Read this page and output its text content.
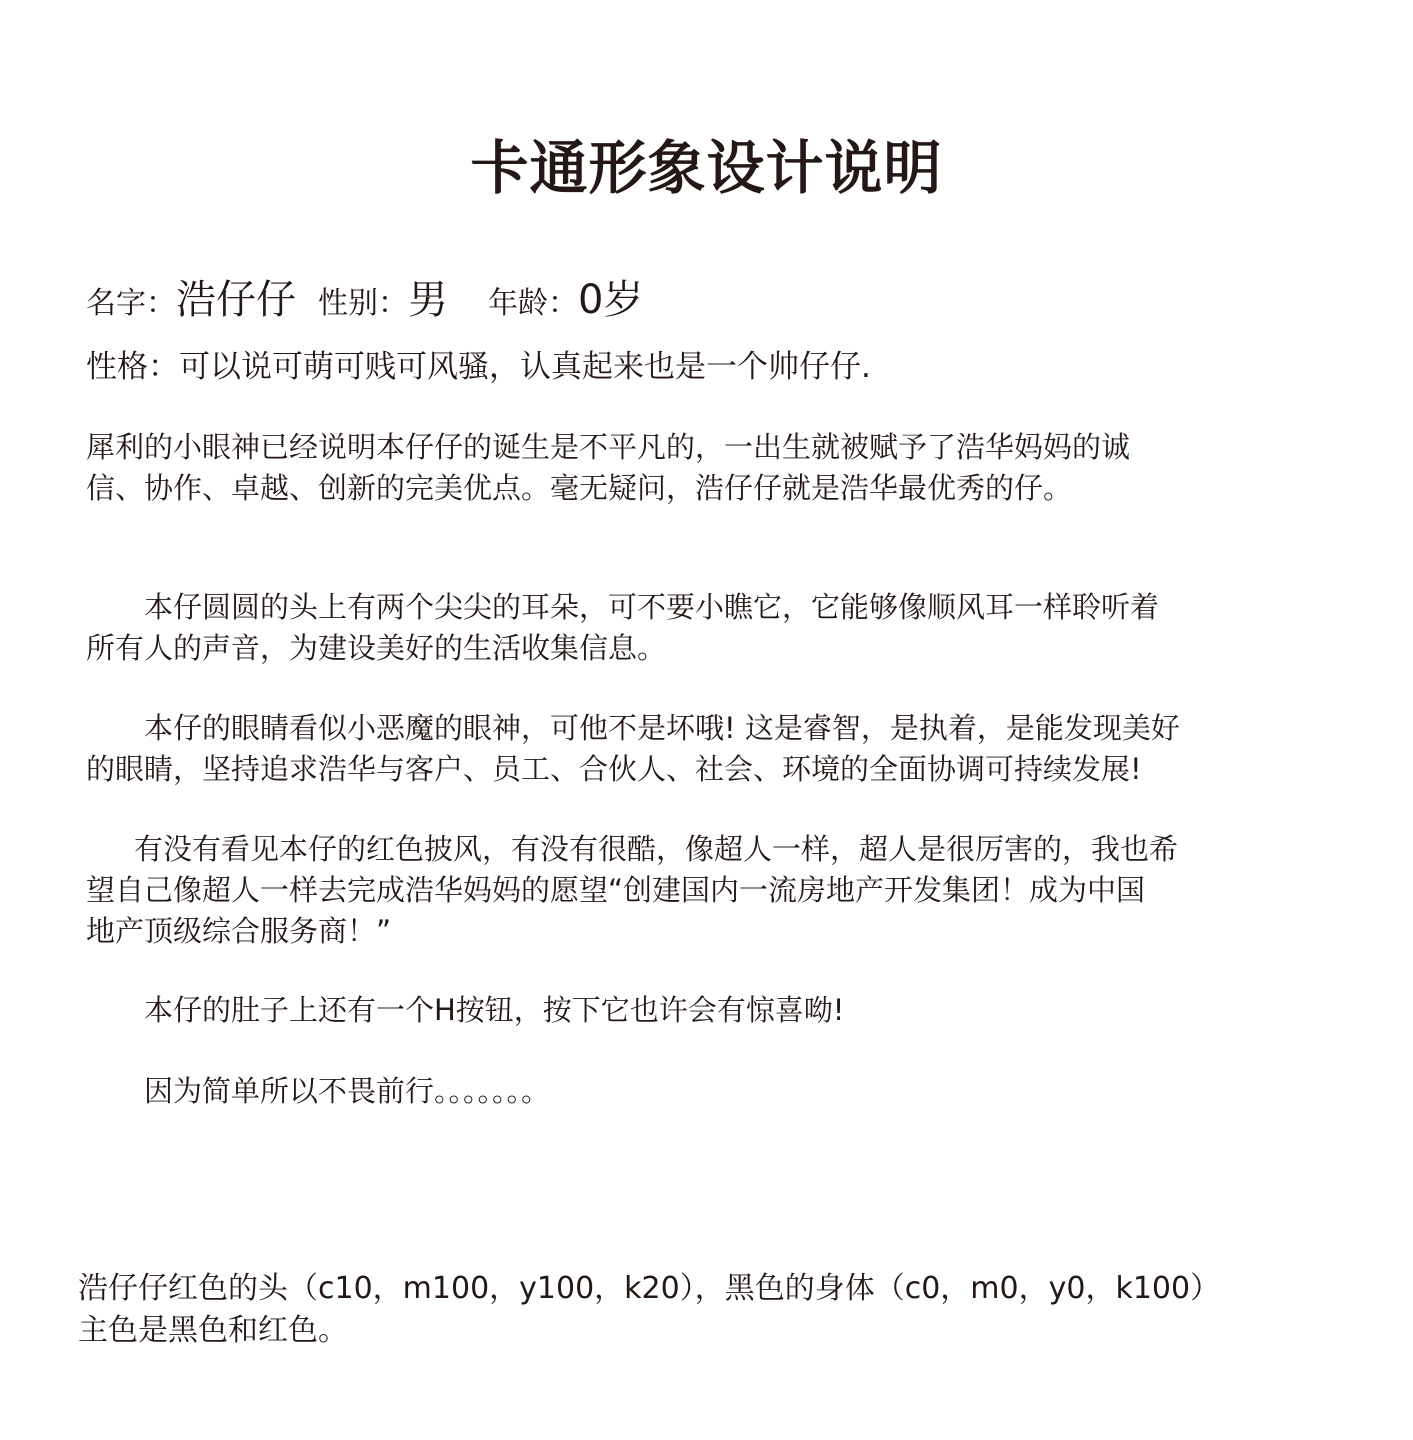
卡通形象设计说明
名字： 浩仔仔 性别： 男 年龄： 0岁
性格：可以说可萌可贱可风骚，认真起来也是一个帅仔仔.

犀利的小眼神已经说明本仔仔的诞生是不平凡的，一出生就被赋予了浩华妈妈的诚
信、协作、卓越、创新的完美优点。毫无疑问，浩仔仔就是浩华最优秀的仔。

本仔圆圆的头上有两个尖尖的耳朵，可不要小瞧它，它能够像顺风耳一样聆听着
所有人的声音，为建设美好的生活收集信息。

本仔的眼睛看似小恶魔的眼神，可他不是坏哦! 这是睿智，是执着，是能发现美好
的眼睛，坚持追求浩华与客户、员工、合伙人、社会、环境的全面协调可持续发展!

有没有看见本仔的红色披风，有没有很酷，像超人一样，超人是很厉害的，我也希
望自己像超人一样去完成浩华妈妈的愿望“创建国内一流房地产开发集团！成为中国
地产顶级综合服务商！”

本仔的肚子上还有一个H按钮，按下它也许会有惊喜呦!

因为简单所以不畏前行。。。。。。。

浩仔仔红色的头（c10，m100，y100，k20），黑色的身体（c0，m0，y0，k100）
主色是黑色和红色。
